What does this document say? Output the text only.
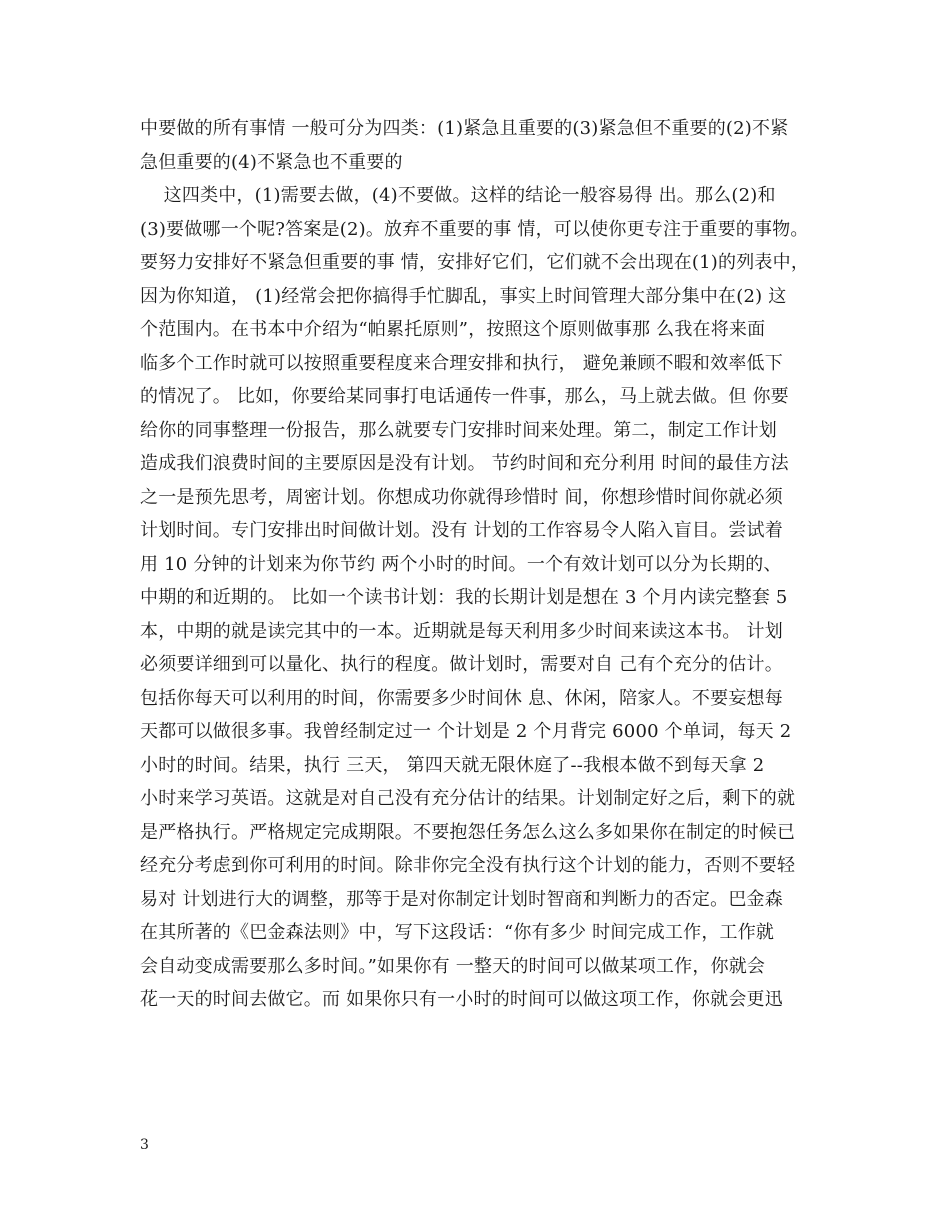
中要做的所有事情 一般可分为四类：(1)紧急且重要的(3)紧急但不重要的(2)不紧
急但重要的(4)不紧急也不重要的
这四类中，(1)需要去做，(4)不要做。这样的结论一般容易得 出。那么(2)和
(3)要做哪一个呢?答案是(2)。放弃不重要的事 情，可以使你更专注于重要的事物。
要努力安排好不紧急但重要的事 情，安排好它们，它们就不会出现在(1)的列表中，
因为你知道， (1)经常会把你搞得手忙脚乱，事实上时间管理大部分集中在(2) 这
个范围内。在书本中介绍为“帕累托原则”，按照这个原则做事那 么我在将来面
临多个工作时就可以按照重要程度来合理安排和执行， 避免兼顾不暇和效率低下
的情况了。 比如，你要给某同事打电话通传一件事，那么，马上就去做。但 你要
给你的同事整理一份报告，那么就要专门安排时间来处理。第二，制定工作计划
造成我们浪费时间的主要原因是没有计划。 节约时间和充分利用 时间的最佳方法
之一是预先思考，周密计划。你想成功你就得珍惜时 间，你想珍惜时间你就必须
计划时间。专门安排出时间做计划。没有 计划的工作容易令人陷入盲目。尝试着
用 10 分钟的计划来为你节约 两个小时的时间。一个有效计划可以分为长期的、
中期的和近期的。 比如一个读书计划：我的长期计划是想在 3 个月内读完整套 5
本，中期的就是读完其中的一本。近期就是每天利用多少时间来读这本书。 计划
必须要详细到可以量化、执行的程度。做计划时，需要对自 己有个充分的估计。
包括你每天可以利用的时间，你需要多少时间休 息、休闲，陪家人。不要妄想每
天都可以做很多事。我曾经制定过一 个计划是 2 个月背完 6000 个单词，每天 2
小时的时间。结果，执行 三天， 第四天就无限休庭了--我根本做不到每天拿 2
小时来学习英语。这就是对自己没有充分估计的结果。计划制定好之后，剩下的就
是严格执行。严格规定完成期限。不要抱怨任务怎么这么多如果你在制定的时候已
经充分考虑到你可利用的时间。除非你完全没有执行这个计划的能力，否则不要轻
易对 计划进行大的调整，那等于是对你制定计划时智商和判断力的否定。巴金森
在其所著的《巴金森法则》中，写下这段话：“你有多少 时间完成工作，工作就
会自动变成需要那么多时间。”如果你有 一整天的时间可以做某项工作，你就会
花一天的时间去做它。而 如果你只有一小时的时间可以做这项工作，你就会更迅
3
